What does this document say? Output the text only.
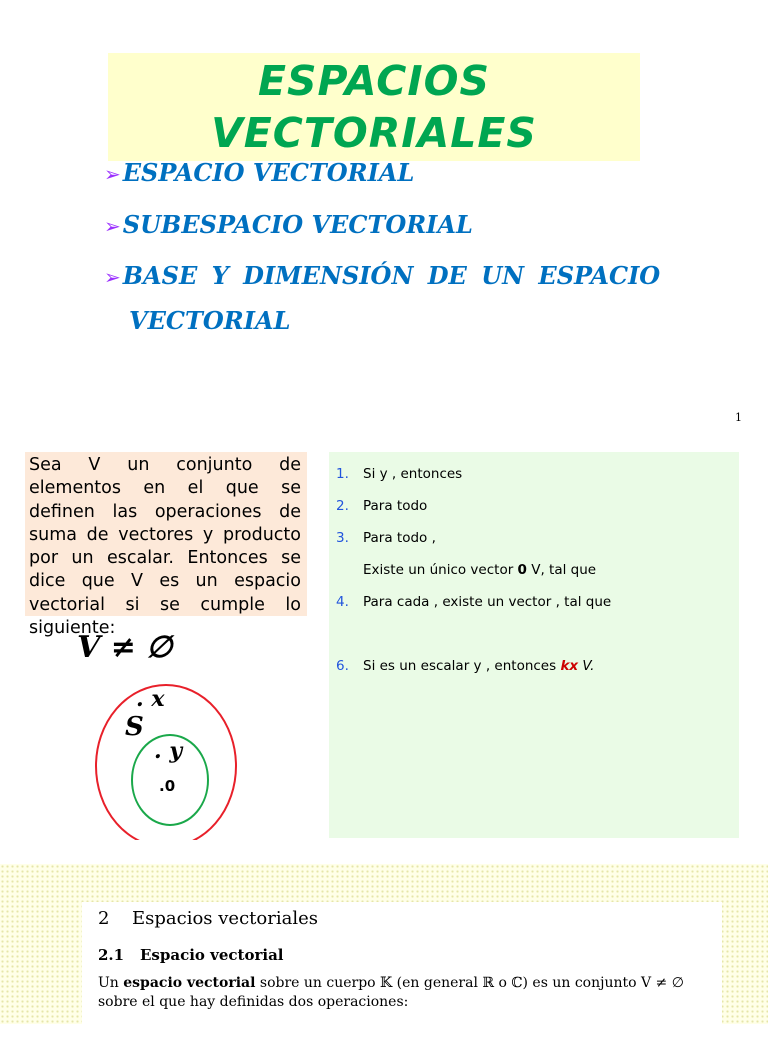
ESPACIOS
VECTORIALES
➢ESPACIO VECTORIAL
➢SUBESPACIO VECTORIAL
➢BASE Y DIMENSIÓN DE UN ESPACIO
VECTORIAL
1
Sea V un conjunto de elementos en el que se definen las operaciones de suma de vectores y producto por un escalar. Entonces se dice que V es un espacio vectorial si se cumple lo siguiente:
V ≠ ∅
. x
S
. y
.0
1. Si y , entonces
2. Para todo
3. Para todo ,
Existe un único vector 0 V, tal que
4. Para cada , existe un vector , tal que
6. Si es un escalar y , entonces kx V.
2 Espacios vectoriales
2.1 Espacio vectorial
Un espacio vectorial sobre un cuerpo 𝕂 (en general ℝ o ℂ) es un conjunto V ≠ ∅ sobre el que hay definidas dos operaciones:
